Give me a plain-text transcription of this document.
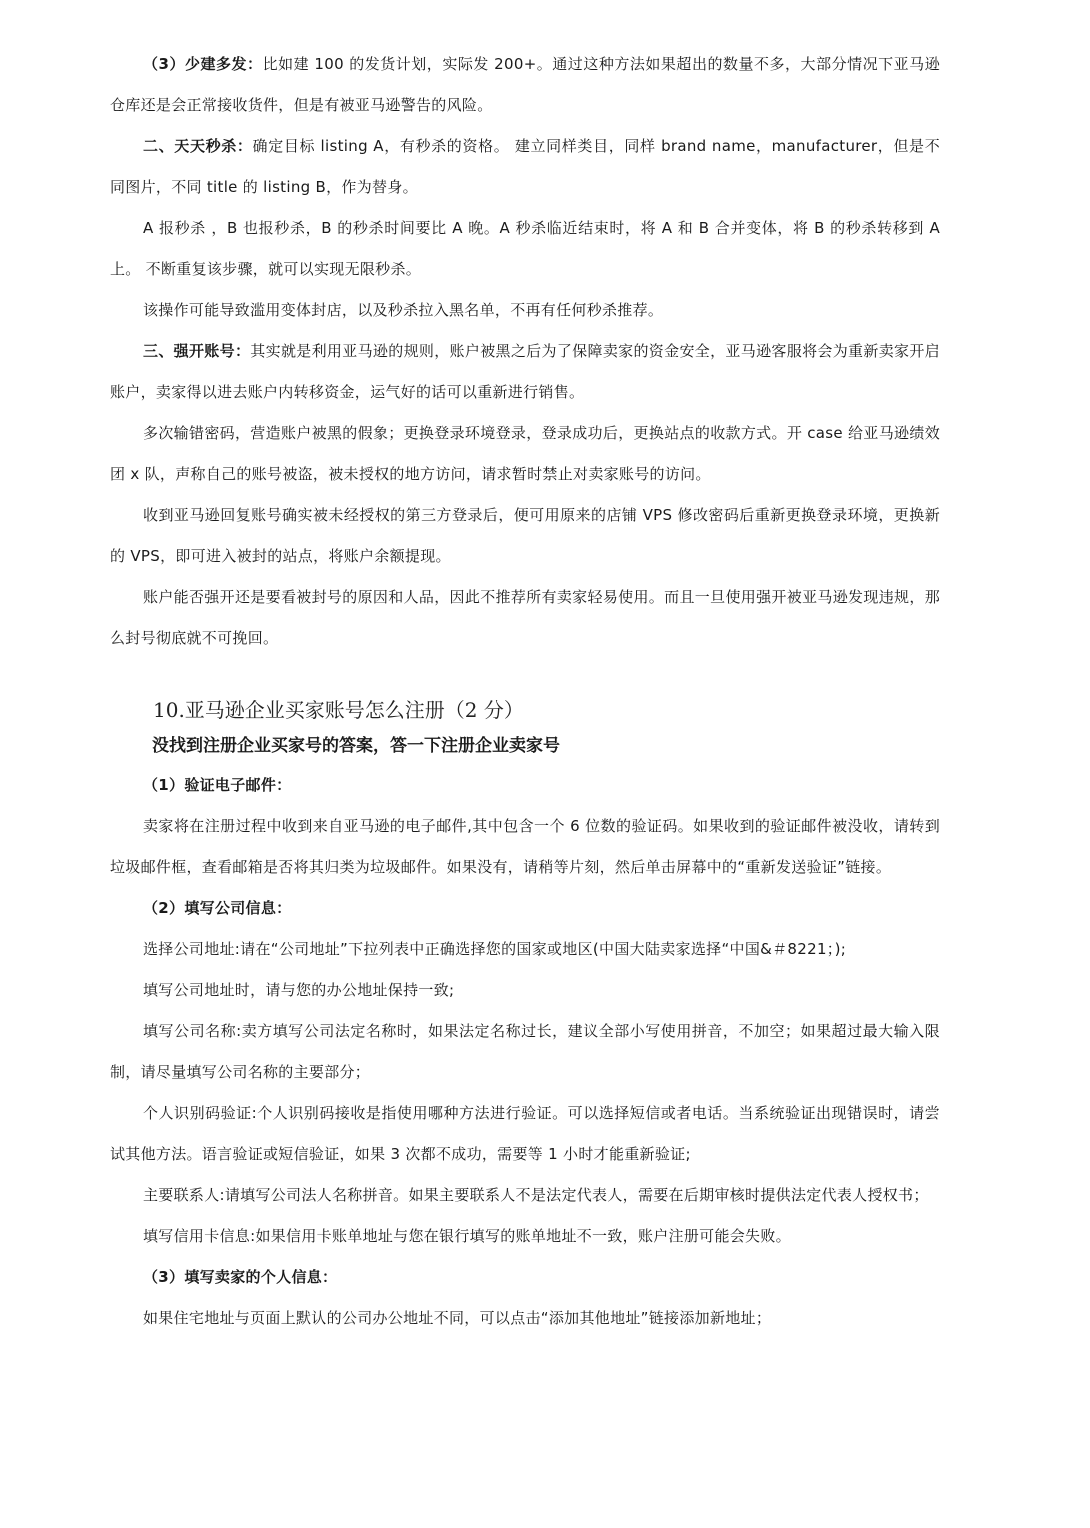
（3）少建多发：比如建 100 的发货计划，实际发 200+。通过这种方法如果超出的数量不多，大部分情况下亚马逊仓库还是会正常接收货件，但是有被亚马逊警告的风险。

二、天天秒杀：确定目标 listing A，有秒杀的资格。 建立同样类目，同样 brand name，manufacturer，但是不同图片，不同 title 的 listing B，作为替身。

A 报秒杀 ，B 也报秒杀，B 的秒杀时间要比 A 晚。A 秒杀临近结束时，将 A 和 B 合并变体，将 B 的秒杀转移到 A 上。 不断重复该步骤，就可以实现无限秒杀。

该操作可能导致滥用变体封店，以及秒杀拉入黑名单，不再有任何秒杀推荐。

三、强开账号：其实就是利用亚马逊的规则，账户被黑之后为了保障卖家的资金安全，亚马逊客服将会为重新卖家开启账户，卖家得以进去账户内转移资金，运气好的话可以重新进行销售。

多次输错密码，营造账户被黑的假象；更换登录环境登录，登录成功后，更换站点的收款方式。开 case 给亚马逊绩效团 x 队，声称自己的账号被盗，被未授权的地方访问，请求暂时禁止对卖家账号的访问。

收到亚马逊回复账号确实被未经授权的第三方登录后，便可用原来的店铺 VPS 修改密码后重新更换登录环境，更换新的 VPS，即可进入被封的站点，将账户余额提现。

账户能否强开还是要看被封号的原因和人品，因此不推荐所有卖家轻易使用。而且一旦使用强开被亚马逊发现违规，那么封号彻底就不可挽回。

10.亚马逊企业买家账号怎么注册（2 分）
没找到注册企业买家号的答案，答一下注册企业卖家号

（1）验证电子邮件：

卖家将在注册过程中收到来自亚马逊的电子邮件,其中包含一个 6 位数的验证码。如果收到的验证邮件被没收，请转到垃圾邮件框，查看邮箱是否将其归类为垃圾邮件。如果没有，请稍等片刻，然后单击屏幕中的“重新发送验证”链接。

（2）填写公司信息：

选择公司地址:请在“公司地址”下拉列表中正确选择您的国家或地区(中国大陆卖家选择“中国&＃8221；);

填写公司地址时，请与您的办公地址保持一致;

填写公司名称:卖方填写公司法定名称时，如果法定名称过长，建议全部小写使用拼音，不加空；如果超过最大输入限制，请尽量填写公司名称的主要部分；

个人识别码验证:个人识别码接收是指使用哪种方法进行验证。可以选择短信或者电话。当系统验证出现错误时，请尝试其他方法。语言验证或短信验证，如果 3 次都不成功，需要等 1 小时才能重新验证;

主要联系人:请填写公司法人名称拼音。如果主要联系人不是法定代表人，需要在后期审核时提供法定代表人授权书；

填写信用卡信息:如果信用卡账单地址与您在银行填写的账单地址不一致，账户注册可能会失败。

（3）填写卖家的个人信息：

如果住宅地址与页面上默认的公司办公地址不同，可以点击“添加其他地址”链接添加新地址；
